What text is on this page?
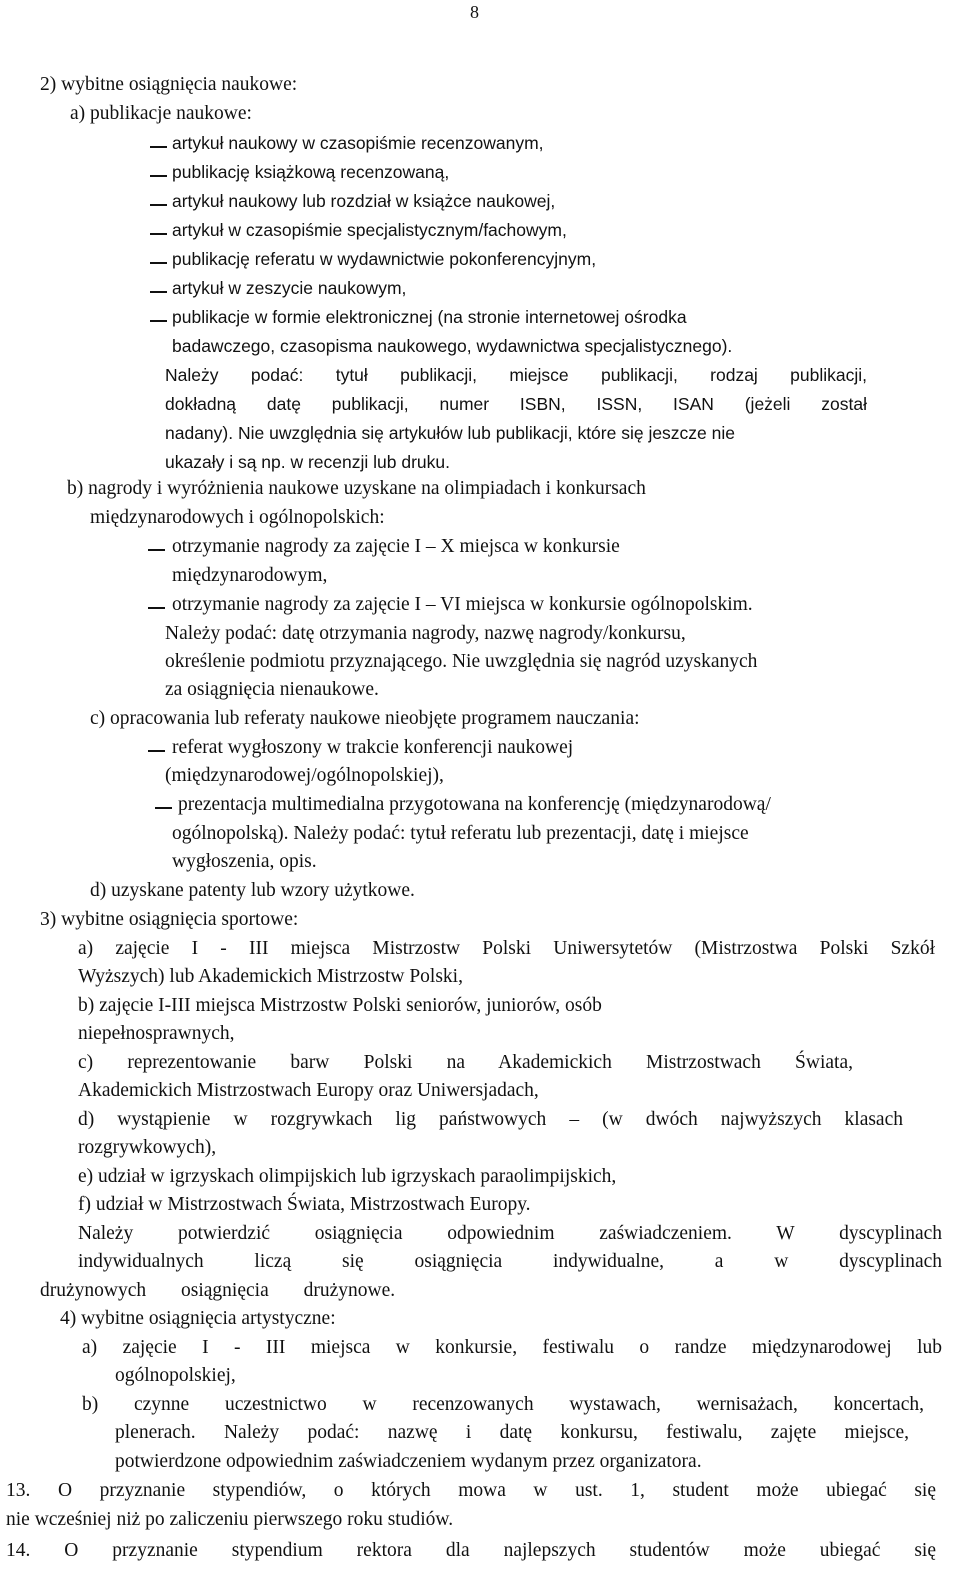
8
2) wybitne osiągnięcia naukowe:
a) publikacje naukowe:
artykuł naukowy w czasopiśmie recenzowanym,
publikację książkową recenzowaną,
artykuł naukowy lub rozdział w książce naukowej,
artykuł w czasopiśmie specjalistycznym/fachowym,
publikację referatu w wydawnictwie pokonferencyjnym,
artykuł w zeszycie naukowym,
publikacje w formie elektronicznej (na stronie internetowej ośrodka
badawczego, czasopisma naukowego, wydawnictwa specjalistycznego).
Należy podać: tytuł publikacji, miejsce publikacji, rodzaj publikacji,
dokładną datę publikacji, numer ISBN, ISSN, ISAN (jeżeli został
nadany). Nie uwzględnia się artykułów lub publikacji, które się jeszcze nie
ukazały i są np. w recenzji lub druku.
b) nagrody i wyróżnienia naukowe uzyskane na olimpiadach i konkursach
międzynarodowych i ogólnopolskich:
otrzymanie nagrody za zajęcie I – X miejsca w konkursie
międzynarodowym,
otrzymanie nagrody za zajęcie I – VI miejsca w konkursie ogólnopolskim.
Należy podać: datę otrzymania nagrody, nazwę nagrody/konkursu,
określenie podmiotu przyznającego. Nie uwzględnia się nagród uzyskanych
za osiągnięcia nienaukowe.
c) opracowania lub referaty naukowe nieobjęte programem nauczania:
referat wygłoszony w trakcie konferencji naukowej
(międzynarodowej/ogólnopolskiej),
prezentacja multimedialna przygotowana na konferencję (międzynarodową/
ogólnopolską). Należy podać: tytuł referatu lub prezentacji, datę i miejsce
wygłoszenia, opis.
d) uzyskane patenty lub wzory użytkowe.
3) wybitne osiągnięcia sportowe:
a) zajęcie I - III miejsca Mistrzostw Polski Uniwersytetów (Mistrzostwa Polski Szkół
Wyższych) lub Akademickich Mistrzostw Polski,
b) zajęcie I-III miejsca Mistrzostw Polski seniorów, juniorów, osób
niepełnosprawnych,
c) reprezentowanie barw Polski na Akademickich Mistrzostwach Świata,
Akademickich Mistrzostwach Europy oraz Uniwersjadach,
d) wystąpienie w rozgrywkach lig państwowych – (w dwóch najwyższych klasach
rozgrywkowych),
e) udział w igrzyskach olimpijskich lub igrzyskach paraolimpijskich,
f) udział w Mistrzostwach Świata, Mistrzostwach Europy.
Należy potwierdzić osiągnięcia odpowiednim zaświadczeniem. W dyscyplinach
indywidualnych liczą się osiągnięcia indywidualne, a w dyscyplinach
drużynowych osiągnięcia drużynowe.
4) wybitne osiągnięcia artystyczne:
a) zajęcie I - III miejsca w konkursie, festiwalu o randze międzynarodowej lub
ogólnopolskiej,
b) czynne uczestnictwo w recenzowanych wystawach, wernisażach, koncertach,
plenerach. Należy podać: nazwę i datę konkursu, festiwalu, zajęte miejsce,
potwierdzone odpowiednim zaświadczeniem wydanym przez organizatora.
13. O przyznanie stypendiów, o których mowa w ust. 1, student może ubiegać się
nie wcześniej niż po zaliczeniu pierwszego roku studiów.
14. O przyznanie stypendium rektora dla najlepszych studentów może ubiegać się
